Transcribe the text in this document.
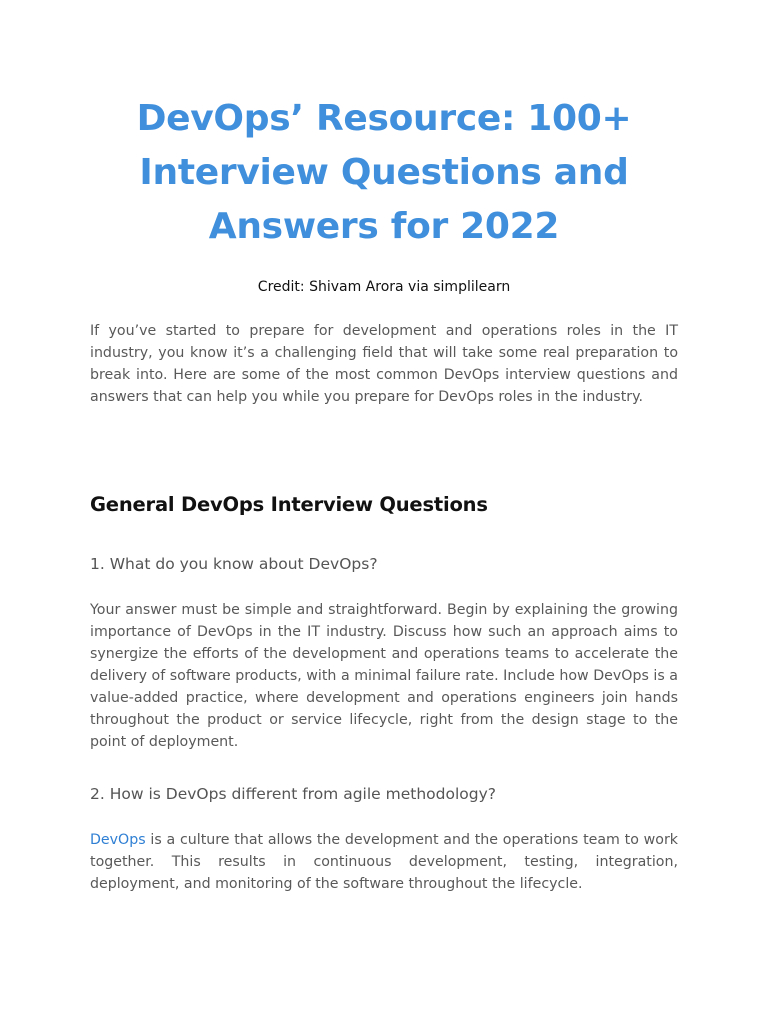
DevOps’ Resource: 100+ Interview Questions and Answers for 2022
Credit: Shivam Arora via simplilearn

If you’ve started to prepare for development and operations roles in the IT industry, you know it’s a challenging field that will take some real preparation to break into. Here are some of the most common DevOps interview questions and answers that can help you while you prepare for DevOps roles in the industry.

General DevOps Interview Questions

1. What do you know about DevOps?

Your answer must be simple and straightforward. Begin by explaining the growing importance of DevOps in the IT industry. Discuss how such an approach aims to synergize the efforts of the development and operations teams to accelerate the delivery of software products, with a minimal failure rate. Include how DevOps is a value-added practice, where development and operations engineers join hands throughout the product or service lifecycle, right from the design stage to the point of deployment.

2. How is DevOps different from agile methodology?

DevOps is a culture that allows the development and the operations team to work together. This results in continuous development, testing, integration, deployment, and monitoring of the software throughout the lifecycle.
